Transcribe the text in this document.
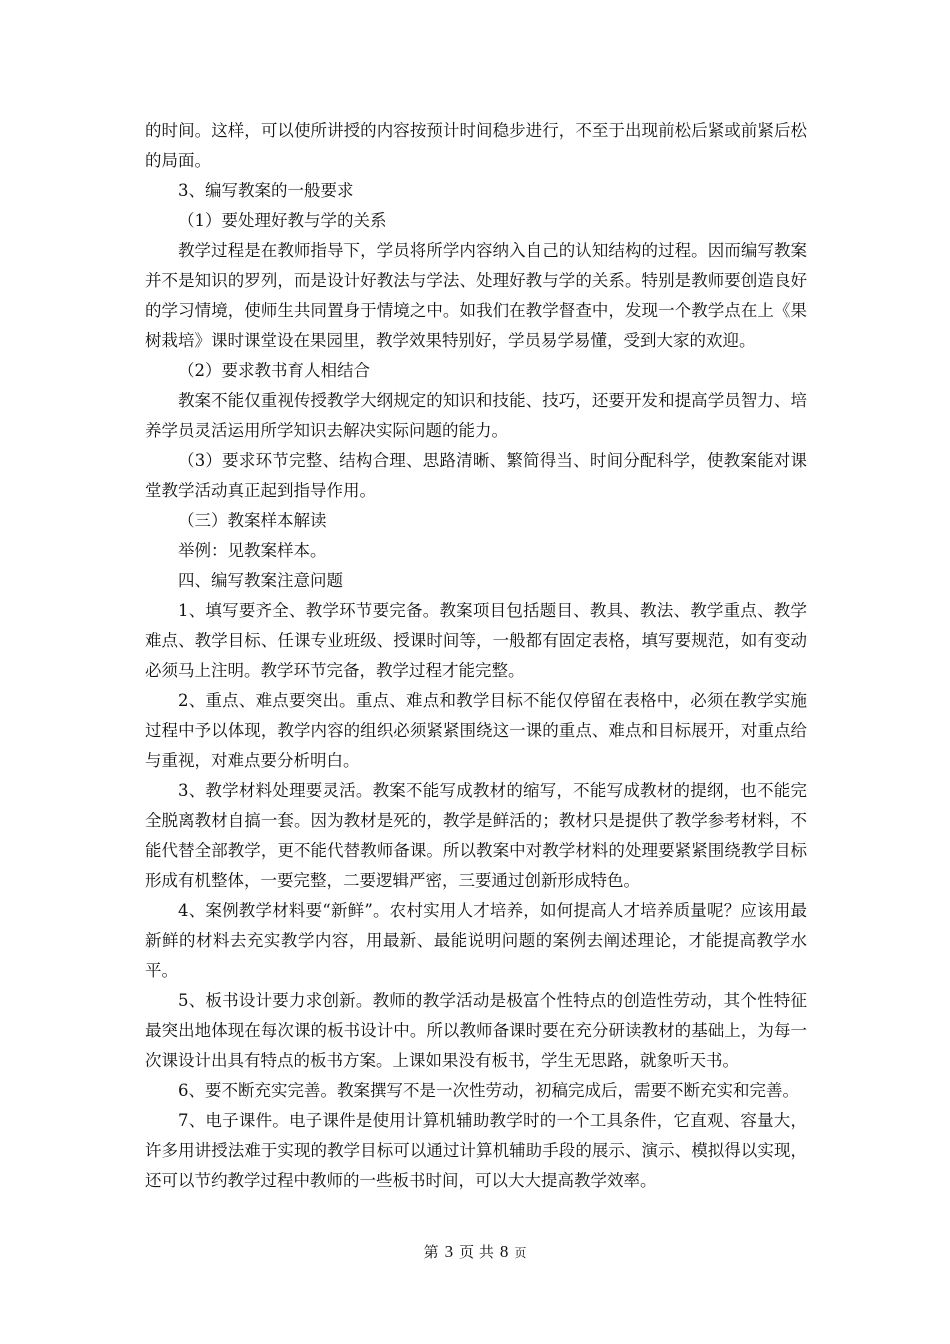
的时间。这样，可以使所讲授的内容按预计时间稳步进行，不至于出现前松后紧或前紧后松的局面。

3、编写教案的一般要求

（1）要处理好教与学的关系

教学过程是在教师指导下，学员将所学内容纳入自己的认知结构的过程。因而编写教案并不是知识的罗列，而是设计好教法与学法、处理好教与学的关系。特别是教师要创造良好的学习情境，使师生共同置身于情境之中。如我们在教学督查中，发现一个教学点在上《果树栽培》课时课堂设在果园里，教学效果特别好，学员易学易懂，受到大家的欢迎。

（2）要求教书育人相结合

教案不能仅重视传授教学大纲规定的知识和技能、技巧，还要开发和提高学员智力、培养学员灵活运用所学知识去解决实际问题的能力。

（3）要求环节完整、结构合理、思路清晰、繁简得当、时间分配科学，使教案能对课堂教学活动真正起到指导作用。

（三）教案样本解读

举例：见教案样本。

四、编写教案注意问题

1、填写要齐全、教学环节要完备。教案项目包括题目、教具、教法、教学重点、教学难点、教学目标、任课专业班级、授课时间等，一般都有固定表格，填写要规范，如有变动必须马上注明。教学环节完备，教学过程才能完整。

2、重点、难点要突出。重点、难点和教学目标不能仅停留在表格中，必须在教学实施过程中予以体现，教学内容的组织必须紧紧围绕这一课的重点、难点和目标展开，对重点给与重视，对难点要分析明白。

3、教学材料处理要灵活。教案不能写成教材的缩写，不能写成教材的提纲，也不能完全脱离教材自搞一套。因为教材是死的，教学是鲜活的；教材只是提供了教学参考材料，不能代替全部教学，更不能代替教师备课。所以教案中对教学材料的处理要紧紧围绕教学目标形成有机整体，一要完整，二要逻辑严密，三要通过创新形成特色。

4、案例教学材料要“新鲜”。农村实用人才培养，如何提高人才培养质量呢？应该用最新鲜的材料去充实教学内容，用最新、最能说明问题的案例去阐述理论，才能提高教学水平。

5、板书设计要力求创新。教师的教学活动是极富个性特点的创造性劳动，其个性特征最突出地体现在每次课的板书设计中。所以教师备课时要在充分研读教材的基础上，为每一次课设计出具有特点的板书方案。上课如果没有板书，学生无思路，就象听天书。

6、要不断充实完善。教案撰写不是一次性劳动，初稿完成后，需要不断充实和完善。

7、电子课件。电子课件是使用计算机辅助教学时的一个工具条件，它直观、容量大，许多用讲授法难于实现的教学目标可以通过计算机辅助手段的展示、演示、模拟得以实现，还可以节约教学过程中教师的一些板书时间，可以大大提高教学效率。

第 3 页 共 8 页
